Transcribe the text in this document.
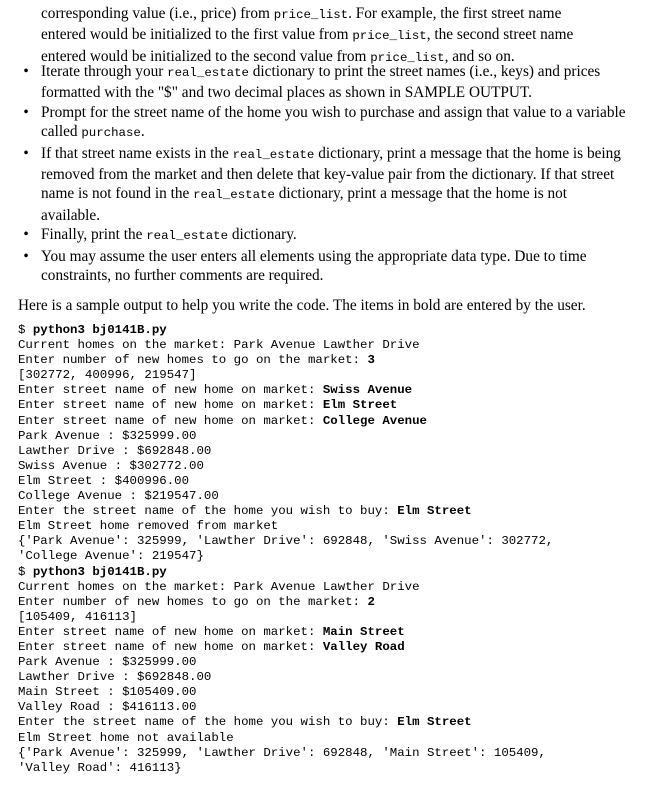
corresponding value (i.e., price) from price_list. For example, the first street name
entered would be initialized to the first value from price_list, the second street name
entered would be initialized to the second value from price_list, and so on.
• Iterate through your real_estate dictionary to print the street names (i.e., keys) and prices formatted with the "$" and two decimal places as shown in SAMPLE OUTPUT.
• Prompt for the street name of the home you wish to purchase and assign that value to a variable called purchase.
• If that street name exists in the real_estate dictionary, print a message that the home is being removed from the market and then delete that key-value pair from the dictionary. If that street name is not found in the real_estate dictionary, print a message that the home is not available.
• Finally, print the real_estate dictionary.
• You may assume the user enters all elements using the appropriate data type. Due to time constraints, no further comments are required.
Here is a sample output to help you write the code. The items in bold are entered by the user.
$ python3 bj0141B.py
Current homes on the market: Park Avenue Lawther Drive
Enter number of new homes to go on the market: 3
[302772, 400996, 219547]
Enter street name of new home on market: Swiss Avenue
Enter street name of new home on market: Elm Street
Enter street name of new home on market: College Avenue
Park Avenue : $325999.00
Lawther Drive : $692848.00
Swiss Avenue : $302772.00
Elm Street : $400996.00
College Avenue : $219547.00
Enter the street name of the home you wish to buy: Elm Street
Elm Street home removed from market
{'Park Avenue': 325999, 'Lawther Drive': 692848, 'Swiss Avenue': 302772,
'College Avenue': 219547}
$ python3 bj0141B.py
Current homes on the market: Park Avenue Lawther Drive
Enter number of new homes to go on the market: 2
[105409, 416113]
Enter street name of new home on market: Main Street
Enter street name of new home on market: Valley Road
Park Avenue : $325999.00
Lawther Drive : $692848.00
Main Street : $105409.00
Valley Road : $416113.00
Enter the street name of the home you wish to buy: Elm Street
Elm Street home not available
{'Park Avenue': 325999, 'Lawther Drive': 692848, 'Main Street': 105409,
'Valley Road': 416113}
